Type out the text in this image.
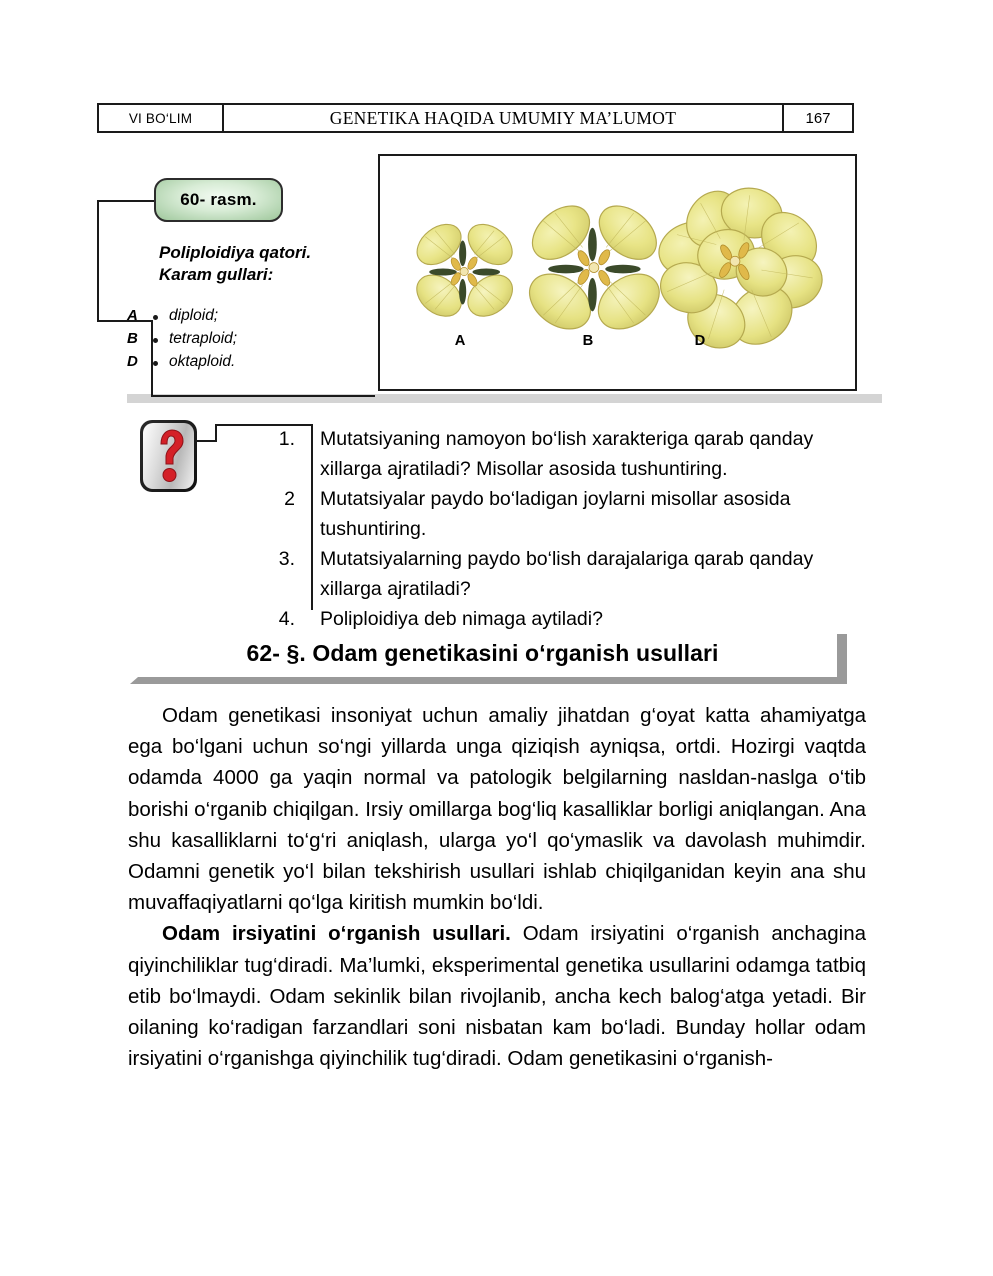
VI BO‘LIM	GENETIKA HAQIDA UMUMIY MA’LUMOT	167
60- rasm.
Poliploidiya qatori.
Karam gullari:
A	diploid;
B	tetraploid;
D	oktaploid.
A	B	D
1.	Mutatsiyaning namoyon bo‘lish xarakteriga qarab qanday xillarga ajratiladi? Misollar asosida tushuntiring.
2	Mutatsiyalar paydo bo‘ladigan joylarni misollar asosida tushuntiring.
3.	Mutatsiyalarning paydo bo‘lish darajalariga qarab qanday xillarga ajratiladi?
4.	Poliploidiya deb nimaga aytiladi?
62- §. Odam genetikasini o‘rganish usullari

Odam genetikasi insoniyat uchun amaliy jihatdan g‘oyat katta ahamiyatga ega bo‘lgani uchun so‘ngi yillarda unga qiziqish ayniqsa, ortdi. Hozirgi vaqtda odamda 4000 ga yaqin normal va patologik belgilarning nasldan-naslga o‘tib borishi o‘rganib chiqilgan. Irsiy omillarga bog‘liq kasalliklar borligi aniqlangan. Ana shu kasalliklarni to‘g‘ri aniqlash, ularga yo‘l qo‘ymaslik va davolash muhimdir. Odamni genetik yo‘l bilan tekshirish usullari ishlab chiqilganidan keyin ana shu muvaffaqiyatlarni qo‘lga kiritish mumkin bo‘ldi.

Odam irsiyatini o‘rganish usullari. Odam irsiyatini o‘rganish anchagina qiyinchiliklar tug‘diradi. Ma’lumki, eksperimental genetika usullarini odamga tatbiq etib bo‘lmaydi. Odam sekinlik bilan rivojlanib, ancha kech balog‘atga yetadi. Bir oilaning ko‘radigan farzandlari soni nisbatan kam bo‘ladi. Bunday hollar odam irsiyatini o‘rganishga qiyinchilik tug‘diradi. Odam genetikasini o‘rganish-
